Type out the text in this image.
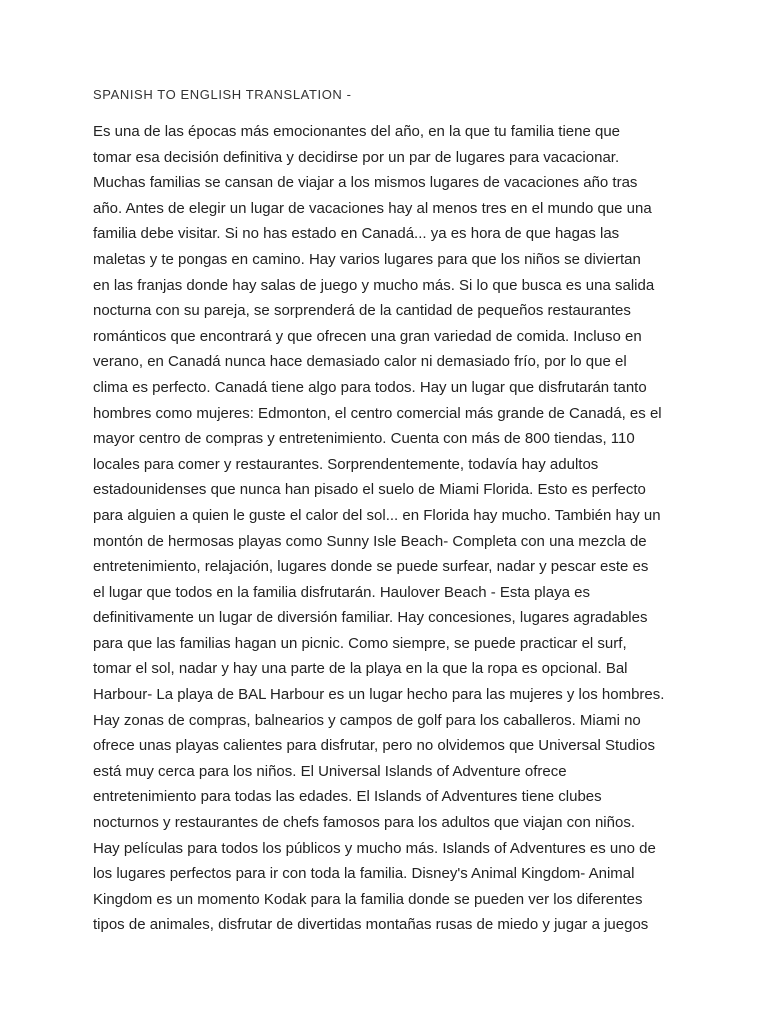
SPANISH TO ENGLISH TRANSLATION -
Es una de las épocas más emocionantes del año, en la que tu familia tiene que
tomar esa decisión definitiva y decidirse por un par de lugares para vacacionar.
Muchas familias se cansan de viajar a los mismos lugares de vacaciones año tras
año. Antes de elegir un lugar de vacaciones hay al menos tres en el mundo que una
familia debe visitar. Si no has estado en Canadá... ya es hora de que hagas las
maletas y te pongas en camino. Hay varios lugares para que los niños se diviertan
en las franjas donde hay salas de juego y mucho más. Si lo que busca es una salida
nocturna con su pareja, se sorprenderá de la cantidad de pequeños restaurantes
románticos que encontrará y que ofrecen una gran variedad de comida. Incluso en
verano, en Canadá nunca hace demasiado calor ni demasiado frío, por lo que el
clima es perfecto. Canadá tiene algo para todos. Hay un lugar que disfrutarán tanto
hombres como mujeres: Edmonton, el centro comercial más grande de Canadá, es el
mayor centro de compras y entretenimiento. Cuenta con más de 800 tiendas, 110
locales para comer y restaurantes. Sorprendentemente, todavía hay adultos
estadounidenses que nunca han pisado el suelo de Miami Florida. Esto es perfecto
para alguien a quien le guste el calor del sol... en Florida hay mucho. También hay un
montón de hermosas playas como Sunny Isle Beach- Completa con una mezcla de
entretenimiento, relajación, lugares donde se puede surfear, nadar y pescar este es
el lugar que todos en la familia disfrutarán. Haulover Beach - Esta playa es
definitivamente un lugar de diversión familiar. Hay concesiones, lugares agradables
para que las familias hagan un picnic. Como siempre, se puede practicar el surf,
tomar el sol, nadar y hay una parte de la playa en la que la ropa es opcional. Bal
Harbour- La playa de BAL Harbour es un lugar hecho para las mujeres y los hombres.
Hay zonas de compras, balnearios y campos de golf para los caballeros. Miami no
ofrece unas playas calientes para disfrutar, pero no olvidemos que Universal Studios
está muy cerca para los niños. El Universal Islands of Adventure ofrece
entretenimiento para todas las edades. El Islands of Adventures tiene clubes
nocturnos y restaurantes de chefs famosos para los adultos que viajan con niños.
Hay películas para todos los públicos y mucho más. Islands of Adventures es uno de
los lugares perfectos para ir con toda la familia. Disney's Animal Kingdom- Animal
Kingdom es un momento Kodak para la familia donde se pueden ver los diferentes
tipos de animales, disfrutar de divertidas montañas rusas de miedo y jugar a juegos
